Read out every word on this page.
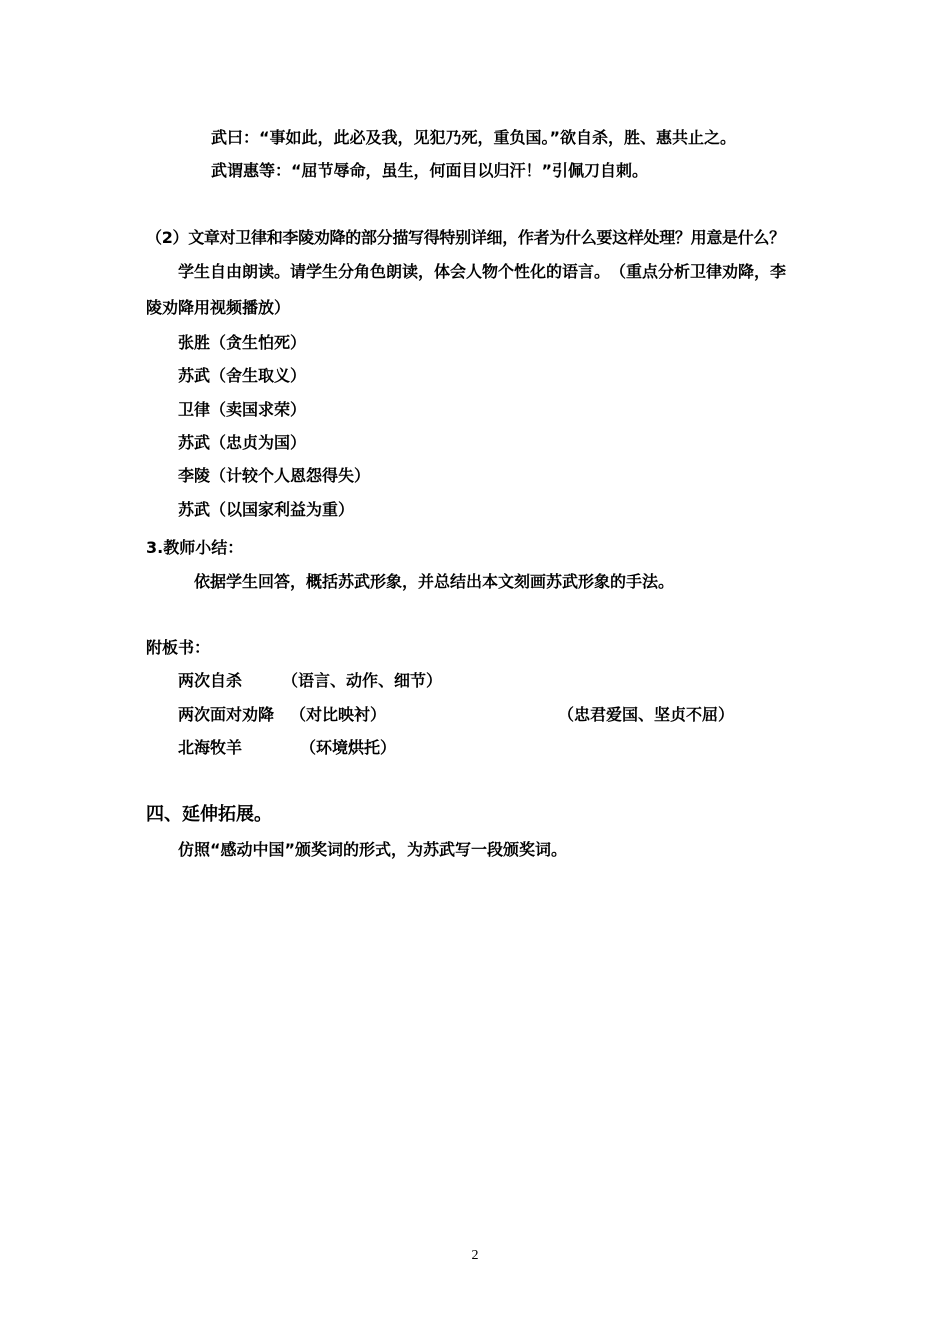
武曰：“事如此，此必及我，见犯乃死，重负国。”欲自杀，胜、惠共止之。
武谓惠等：“屈节辱命，虽生，何面目以归汗！”引佩刀自刺。
（2）文章对卫律和李陵劝降的部分描写得特别详细，作者为什么要这样处理？用意是什么？
学生自由朗读。请学生分角色朗读，体会人物个性化的语言。　（重点分析卫律劝降，李
陵劝降用视频播放）
张胜（贪生怕死）
苏武（舍生取义）
卫律（卖国求荣）
苏武（忠贞为国）
李陵（计较个人恩怨得失）
苏武（以国家利益为重）
3.教师小结：
依据学生回答，概括苏武形象，并总结出本文刻画苏武形象的手法。
附板书：
两次自杀 （语言、动作、细节）
两次面对劝降 （对比映衬）	（忠君爱国、坚贞不屈）
北海牧羊	（环境烘托）
四、延伸拓展。
仿照“感动中国”颁奖词的形式，为苏武写一段颁奖词。
2
